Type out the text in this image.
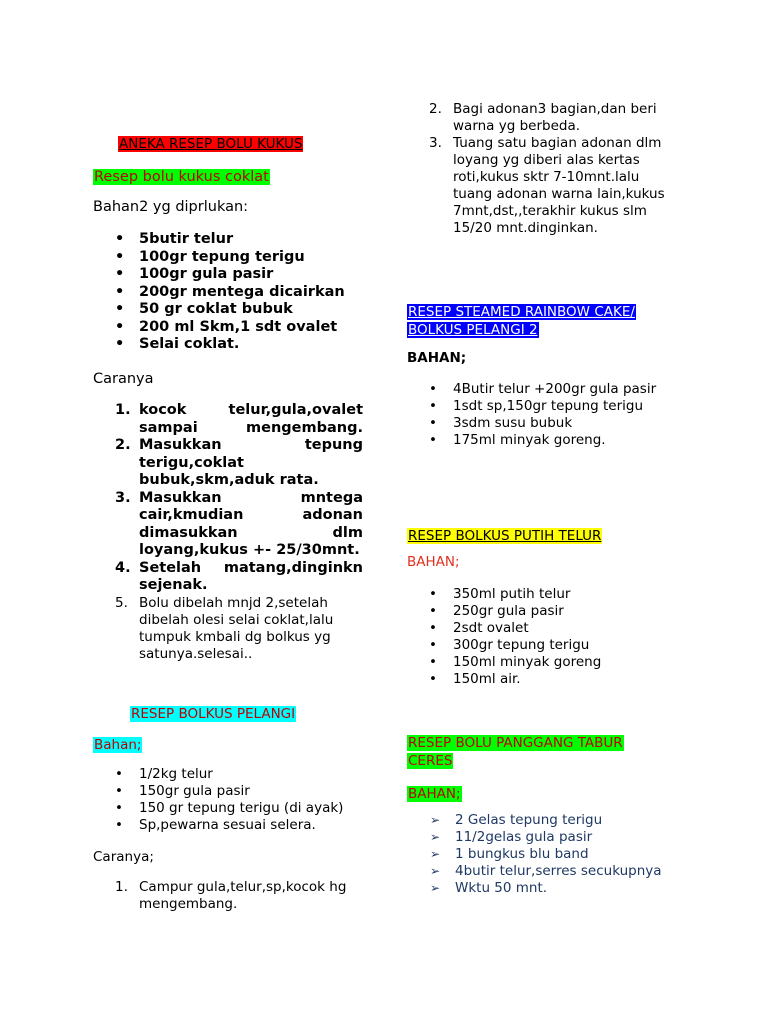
ANEKA RESEP BOLU KUKUS
Resep bolu kukus coklat
Bahan2 yg diprlukan:
• 5butir telur
• 100gr tepung terigu
• 100gr gula pasir
• 200gr mentega dicairkan
• 50 gr coklat bubuk
• 200 ml Skm,1 sdt ovalet
• Selai coklat.
Caranya
1. kocok telur,gula,ovalet sampai mengembang.
2. Masukkan tepung terigu,coklat bubuk,skm,aduk rata.
3. Masukkan mntega cair,kmudian adonan dimasukkan dlm loyang,kukus +- 25/30mnt.
4. Setelah matang,dinginkn sejenak.
5. Bolu dibelah mnjd 2,setelah dibelah olesi selai coklat,lalu tumpuk kmbali dg bolkus yg satunya.selesai..
RESEP BOLKUS PELANGI
Bahan;
• 1/2kg telur
• 150gr gula pasir
• 150 gr tepung terigu (di ayak)
• Sp,pewarna sesuai selera.
Caranya;
1. Campur gula,telur,sp,kocok hg mengembang.
2. Bagi adonan3 bagian,dan beri warna yg berbeda.
3. Tuang satu bagian adonan dlm loyang yg diberi alas kertas roti,kukus sktr 7-10mnt.lalu tuang adonan warna lain,kukus 7mnt,dst,,terakhir kukus slm 15/20 mnt.dinginkan.
RESEP STEAMED RAINBOW CAKE/
BOLKUS PELANGI 2
BAHAN;
• 4Butir telur +200gr gula pasir
• 1sdt sp,150gr tepung terigu
• 3sdm susu bubuk
• 175ml minyak goreng.
RESEP BOLKUS PUTIH TELUR
BAHAN;
• 350ml putih telur
• 250gr gula pasir
• 2sdt ovalet
• 300gr tepung terigu
• 150ml minyak goreng
• 150ml air.
RESEP BOLU PANGGANG TABUR
CERES
BAHAN;
➢ 2 Gelas tepung terigu
➢ 11/2gelas gula pasir
➢ 1 bungkus blu band
➢ 4butir telur,serres secukupnya
➢ Wktu 50 mnt.
